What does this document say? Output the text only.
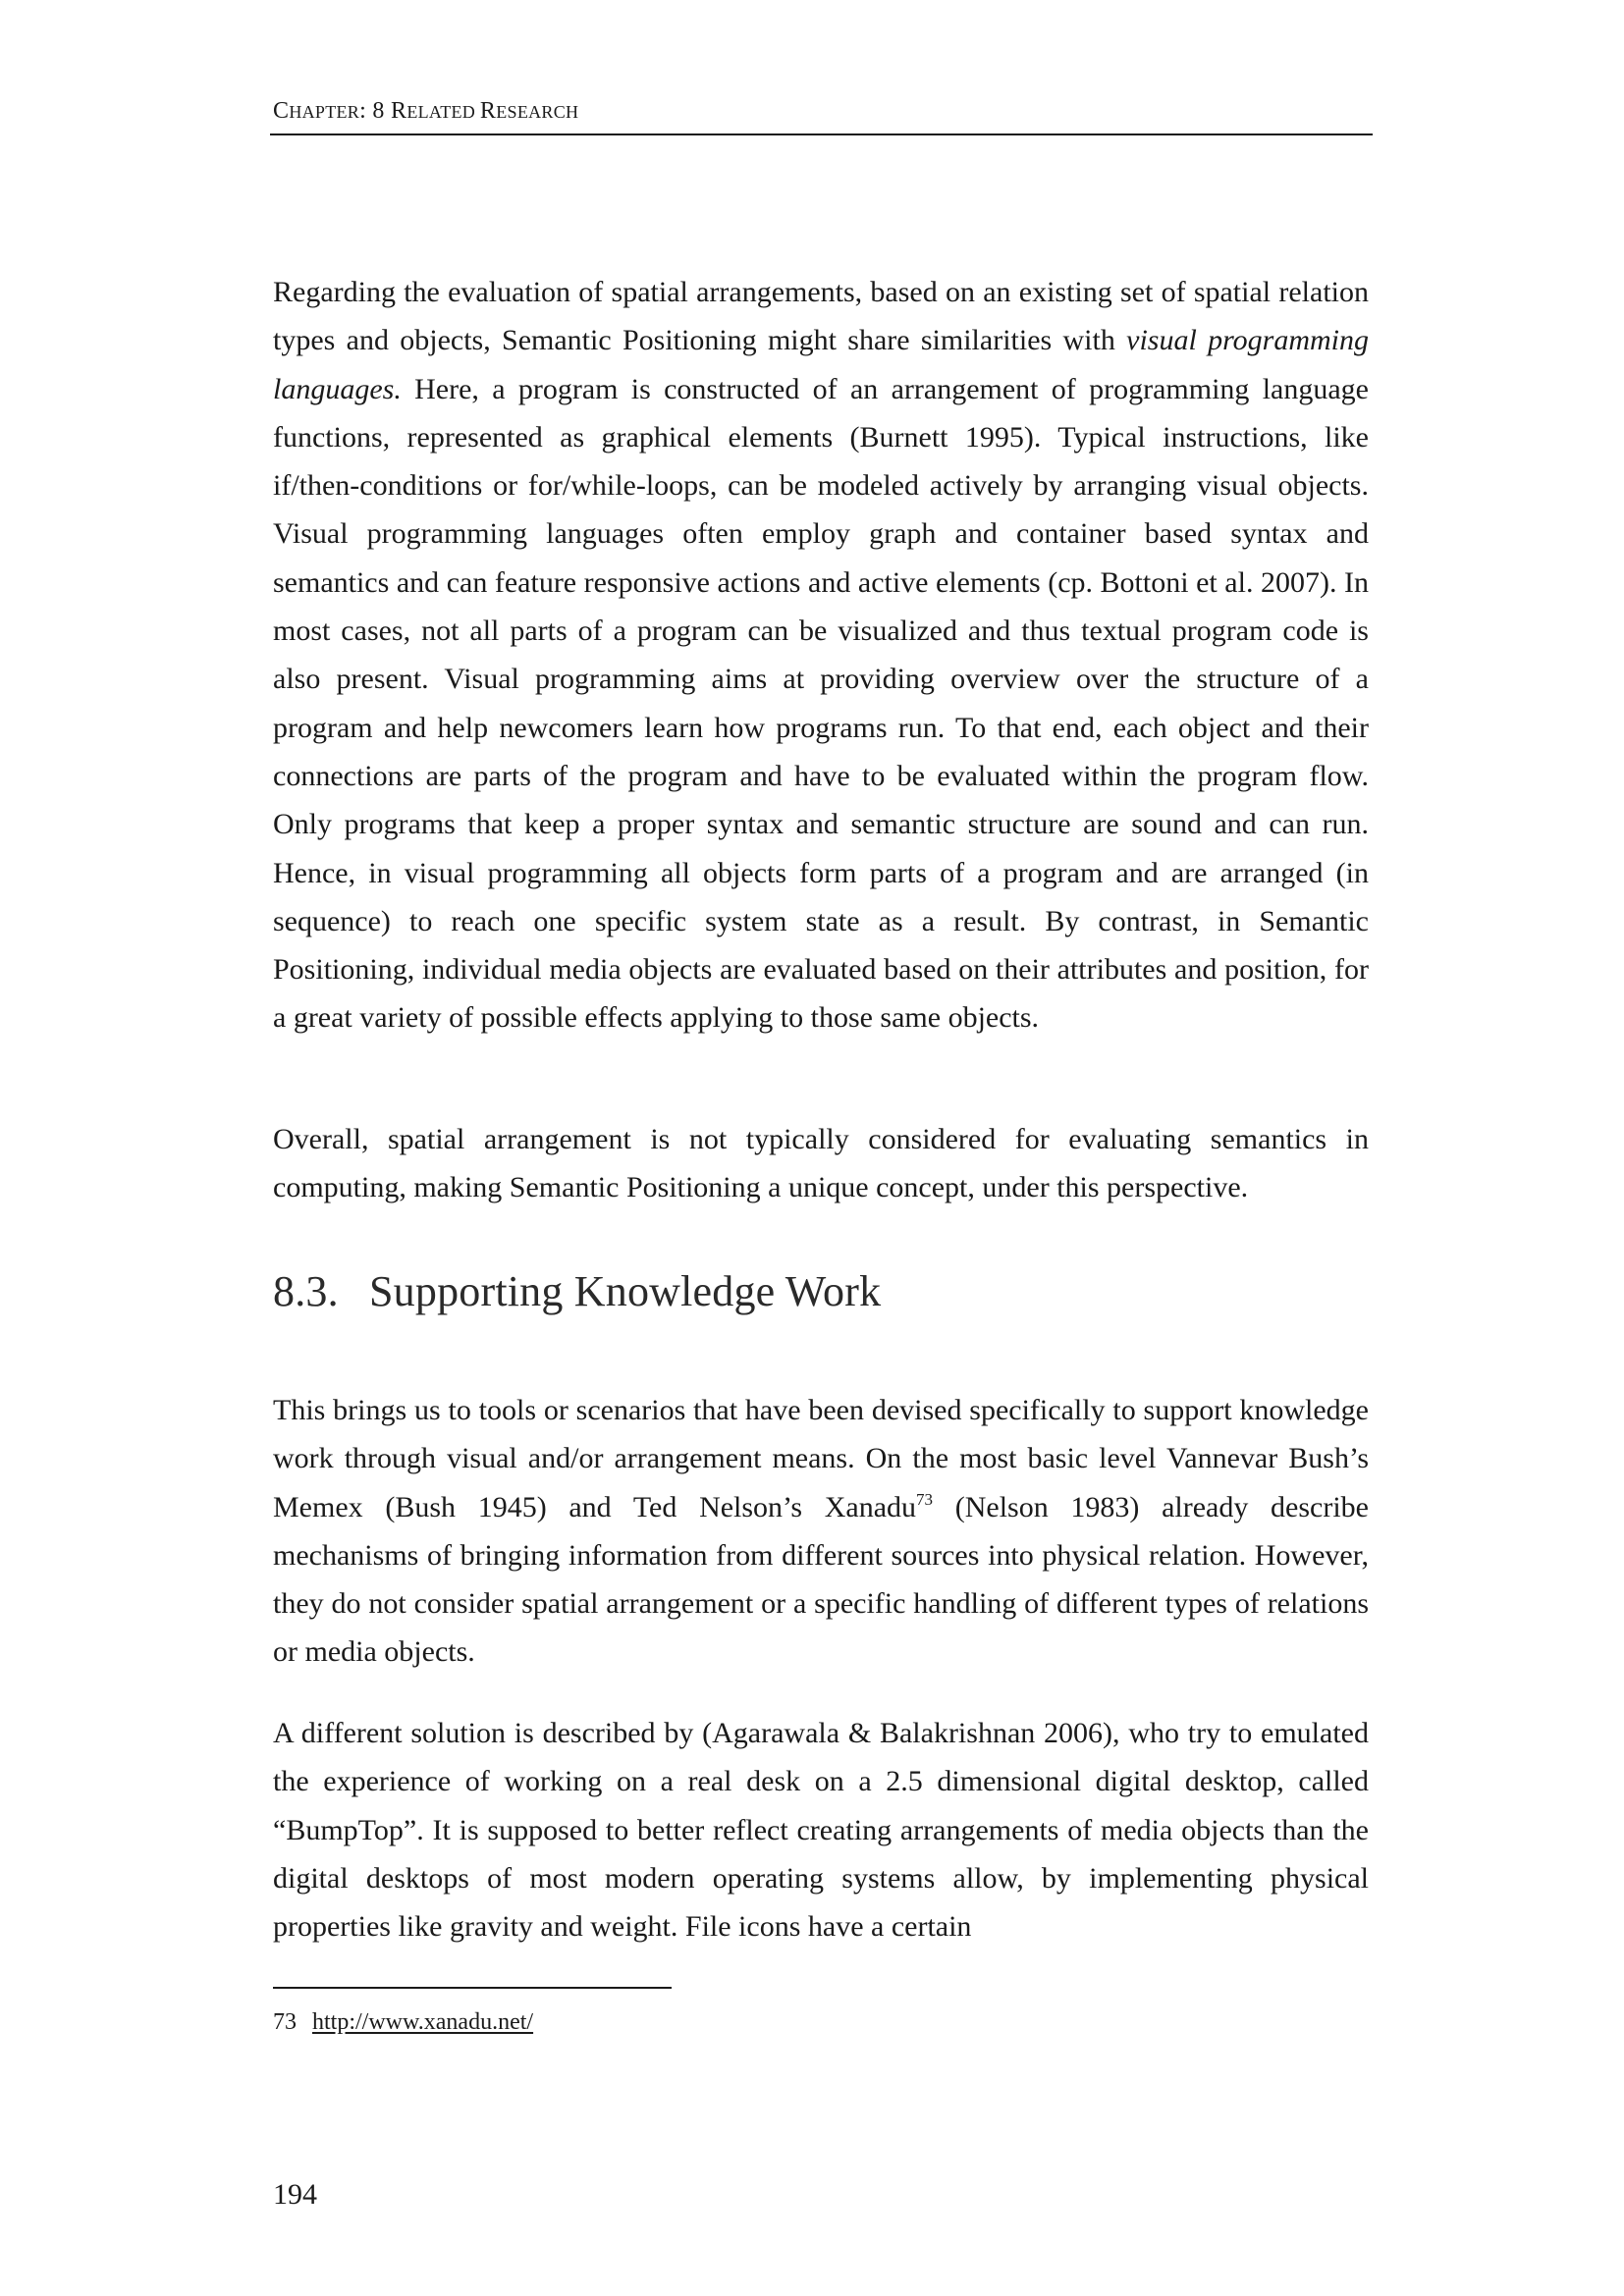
CHAPTER: 8 RELATED RESEARCH

Regarding the evaluation of spatial arrangements, based on an existing set of spatial relation types and objects, Semantic Positioning might share similarities with visual programming languages. Here, a program is constructed of an arrangement of programming language functions, represented as graphical elements (Burnett 1995). Typical instructions, like if/then-conditions or for/while-loops, can be modeled actively by arranging visual objects. Visual programming languages often employ graph and container based syntax and semantics and can feature responsive actions and active elements (cp. Bottoni et al. 2007). In most cases, not all parts of a program can be visualized and thus textual program code is also present. Visual programming aims at providing overview over the structure of a program and help newcomers learn how programs run. To that end, each object and their connections are parts of the program and have to be evaluated within the program flow. Only programs that keep a proper syntax and semantic structure are sound and can run. Hence, in visual programming all objects form parts of a program and are arranged (in sequence) to reach one specific system state as a result. By contrast, in Semantic Positioning, individual media objects are evaluated based on their attributes and position, for a great variety of possible effects applying to those same objects.

Overall, spatial arrangement is not typically considered for evaluating semantics in computing, making Semantic Positioning a unique concept, under this perspective.

8.3. Supporting Knowledge Work

This brings us to tools or scenarios that have been devised specifically to support knowledge work through visual and/or arrangement means. On the most basic level Vannevar Bush’s Memex (Bush 1945) and Ted Nelson’s Xanadu$^{73}$ (Nelson 1983) already describe mechanisms of bringing information from different sources into physical relation. However, they do not consider spatial arrangement or a specific handling of different types of relations or media objects.

A different solution is described by (Agarawala & Balakrishnan 2006), who try to emulated the experience of working on a real desk on a 2.5 dimensional digital desktop, called “BumpTop”. It is supposed to better reflect creating arrangements of media objects than the digital desktops of most modern operating systems allow, by implementing physical properties like gravity and weight. File icons have a certain

73 http://www.xanadu.net/
194
